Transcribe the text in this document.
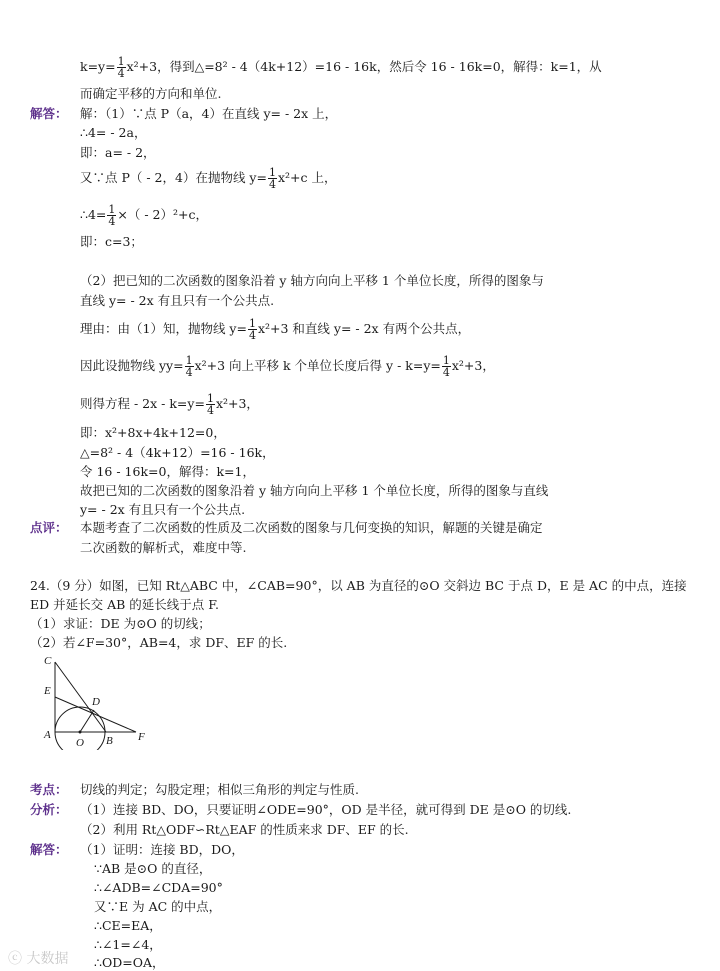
$k=y= \frac{1}{4} x^2+3$，得到△=8² - 4（4k+12）=16 - 16k，然后令 16 - 16k=0，解得：k=1，从
而确定平移的方向和单位.
解答： 解：（1）∵点 P（a，4）在直线 y= - 2x 上，
∴4= - 2a，
即：a= - 2，
又∵点 P（ - 2，4）在抛物线 $y= \frac{1}{4} x^2+c$ 上，
∴4= $\frac{1}{4}$ ×（ - 2）²+c，
即：c=3；
（2）把已知的二次函数的图象沿着 y 轴方向向上平移 1 个单位长度，所得的图象与
直线 y= - 2x 有且只有一个公共点.
理由：由（1）知，抛物线 $y= \frac{1}{4} x^2+3$ 和直线 y= - 2x 有两个公共点，
因此设抛物线 $yy= \frac{1}{4} x^2+3$ 向上平移 k 个单位长度后得 $y - k=y= \frac{1}{4} x^2+3$，
则得方程 - $2x - k=y= \frac{1}{4} x^2+3$，
即：x²+8x+4k+12=0，
△=8² - 4（4k+12）=16 - 16k，
令 16 - 16k=0，解得：k=1，
故把已知的二次函数的图象沿着 y 轴方向向上平移 1 个单位长度，所得的图象与直线
y= - 2x 有且只有一个公共点.
点评： 本题考查了二次函数的性质及二次函数的图象与几何变换的知识，解题的关键是确定
二次函数的解析式，难度中等.
24.（9 分）如图，已知 Rt△ABC 中，∠CAB=90°，以 AB 为直径的⊙O 交斜边 BC 于点 D，E 是 AC 的中点，连接
ED 并延长交 AB 的延长线于点 F.
（1）求证：DE 为⊙O 的切线；
（2）若∠F=30°，AB=4，求 DF、EF 的长.
C
E
D
A
O B F
考点： 切线的判定；勾股定理；相似三角形的判定与性质.
分析： （1）连接 BD、DO，只要证明∠ODE=90°，OD 是半径，就可得到 DE 是⊙O 的切线.
（2）利用 Rt△ODF∽Rt△EAF 的性质来求 DF、EF 的长.
解答： （1）证明：连接 BD，DO，
∵AB 是⊙O 的直径，
∴∠ADB=∠CDA=90°
又∵E 为 AC 的中点，
∴CE=EA，
∴∠1=∠4，
∴OD=OA，
ⓒ 大数据
